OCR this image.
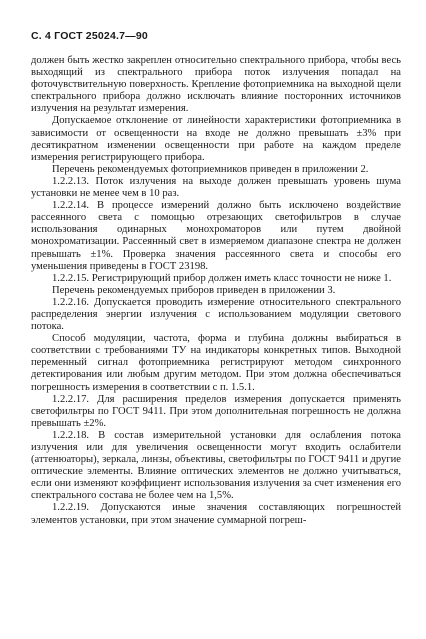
С. 4 ГОСТ 25024.7—90

должен быть жестко закреплен относительно спектрального прибора, чтобы весь выходящий из спектрального прибора поток излучения попадал на фоточувствительную поверхность. Крепление фотоприемника на выходной щели спектрального прибора должно исключать влияние посторонних источников излучения на результат измерения.

Допускаемое отклонение от линейности характеристики фотоприемника в зависимости от освещенности на входе не должно превышать ±3% при десятикратном изменении освещенности при работе на каждом пределе измерения регистрирующего прибора.

Перечень рекомендуемых фотоприемников приведен в приложении 2.

1.2.2.13. Поток излучения на выходе должен превышать уровень шума установки не менее чем в 10 раз.

1.2.2.14. В процессе измерений должно быть исключено воздействие рассеянного света с помощью отрезающих светофильтров в случае использования одинарных монохроматоров или путем двойной монохроматизации. Рассеянный свет в измеряемом диапазоне спектра не должен превышать ±1%. Проверка значения рассеянного света и способы его уменьшения приведены в ГОСТ 23198.

1.2.2.15. Регистрирующий прибор должен иметь класс точности не ниже 1.

Перечень рекомендуемых приборов приведен в приложении 3.

1.2.2.16. Допускается проводить измерение относительного спектрального распределения энергии излучения с использованием модуляции светового потока.

Способ модуляции, частота, форма и глубина должны выбираться в соответствии с требованиями ТУ на индикаторы конкретных типов. Выходной переменный сигнал фотоприемника регистрируют методом синхронного детектирования или любым другим методом. При этом должна обеспечиваться погрешность измерения в соответствии с п. 1.5.1.

1.2.2.17. Для расширения пределов измерения допускается применять светофильтры по ГОСТ 9411. При этом дополнительная погрешность не должна превышать ±2%.

1.2.2.18. В состав измерительной установки для ослабления потока излучения или для увеличения освещенности могут входить ослабители (аттенюаторы), зеркала, линзы, объективы, светофильтры по ГОСТ 9411 и другие оптические элементы. Влияние оптических элементов не должно учитываться, если они изменяют коэффициент использования излучения за счет изменения его спектрального состава не более чем на 1,5%.

1.2.2.19. Допускаются иные значения составляющих погрешностей элементов установки, при этом значение суммарной погреш-
